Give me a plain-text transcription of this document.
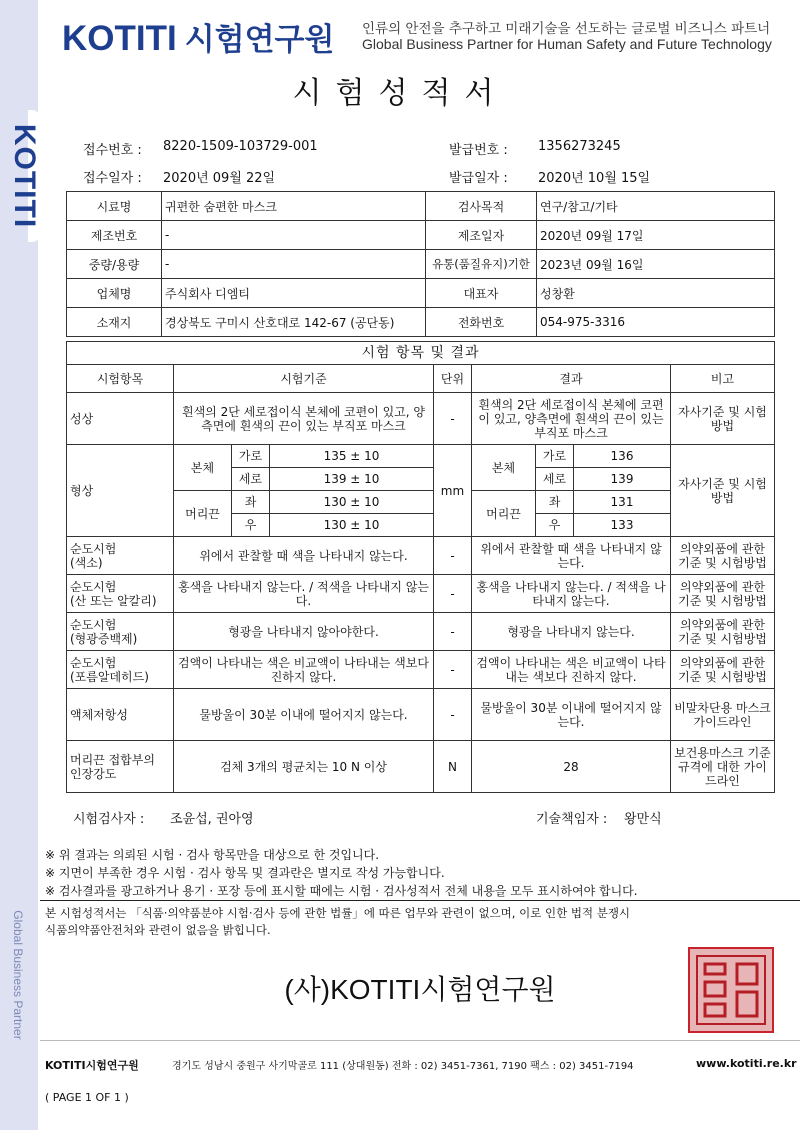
KOTITI
Global Business Partner
KOTITI 시험연구원 인류의 안전을 추구하고 미래기술을 선도하는 글로벌 비즈니스 파트너
Global Business Partner for Human Safety and Future Technology
시험성적서
접수번호 : 8220-1509-103729-001	발급번호 : 1356273245
접수일자 : 2020년 09월 22일	발급일자 : 2020년 10월 15일
시료명	귀편한 숨편한 마스크	검사목적	연구/참고/기타
제조번호	-	제조일자	2020년 09월 17일
중량/용량	-	유통(품질유지)기한	2023년 09월 16일
업체명	주식회사 디엠티	대표자	성창환
소재지	경상북도 구미시 산호대로 142-67 (공단동)	전화번호	054-975-3316
시험 항목 및 결과								
시험항목	시험기준			단위	결과			비고
성상	흰색의 2단 세로접이식 본체에 코편이 있고, 양측면에 흰색의 끈이 있는 부직포 마스크			-	흰색의 2단 세로접이식 본체에 코편이 있고, 양측면에 흰색의 끈이 있는 부직포 마스크			자사기준 및 시험방법
형상	본체	가로	135 ± 10	mm	본체	가로	136	자사기준 및 시험방법
		세로	139 ± 10			세로	139	
	머리끈	좌	130 ± 10		머리끈	좌	131	
		우	130 ± 10			우	133	
순도시험
(색소)	위에서 관찰할 때 색을 나타내지 않는다.			-	위에서 관찰할 때 색을 나타내지 않는다.			의약외품에 관한 기준 및 시험방법
순도시험
(산 또는 알칼리)	홍색을 나타내지 않는다. / 적색을 나타내지 않는다.			-	홍색을 나타내지 않는다. / 적색을 나타내지 않는다.			의약외품에 관한 기준 및 시험방법
순도시험
(형광증백제)	형광을 나타내지 않아야한다.			-	형광을 나타내지 않는다.			의약외품에 관한 기준 및 시험방법
순도시험
(포름알데히드)	검액이 나타내는 색은 비교액이 나타내는 색보다 진하지 않다.			-	검액이 나타내는 색은 비교액이 나타내는 색보다 진하지 않다.			의약외품에 관한 기준 및 시험방법
액체저항성	물방울이 30분 이내에 떨어지지 않는다.			-	물방울이 30분 이내에 떨어지지 않는다.			비말차단용 마스크 가이드라인
머리끈 접합부의 인장강도	검체 3개의 평균치는 10 N 이상			N	28			보건용마스크 기준 규격에 대한 가이드라인
시험검사자 : 조윤섭, 권아영	기술책임자 : 왕만식
※ 위 결과는 의뢰된 시험 · 검사 항목만을 대상으로 한 것입니다.
※ 지면이 부족한 경우 시험 · 검사 항목 및 결과란은 별지로 작성 가능합니다.
※ 검사결과를 광고하거나 용기 · 포장 등에 표시할 때에는 시험 · 검사성적서 전체 내용을 모두 표시하여야 합니다.
본 시험성적서는 「식품·의약품분야 시험·검사 등에 관한 법률」에 따른 업무와 관련이 없으며, 이로 인한 법적 분쟁시
식품의약품안전처와 관련이 없음을 밝힙니다.
(사)KOTITI시험연구원
KOTITI시험연구원	경기도 성남시 중원구 사기막골로 111 (상대원동) 전화 : 02) 3451-7361, 7190 팩스 : 02) 3451-7194	www.kotiti.re.kr
( PAGE 1 OF 1 )
